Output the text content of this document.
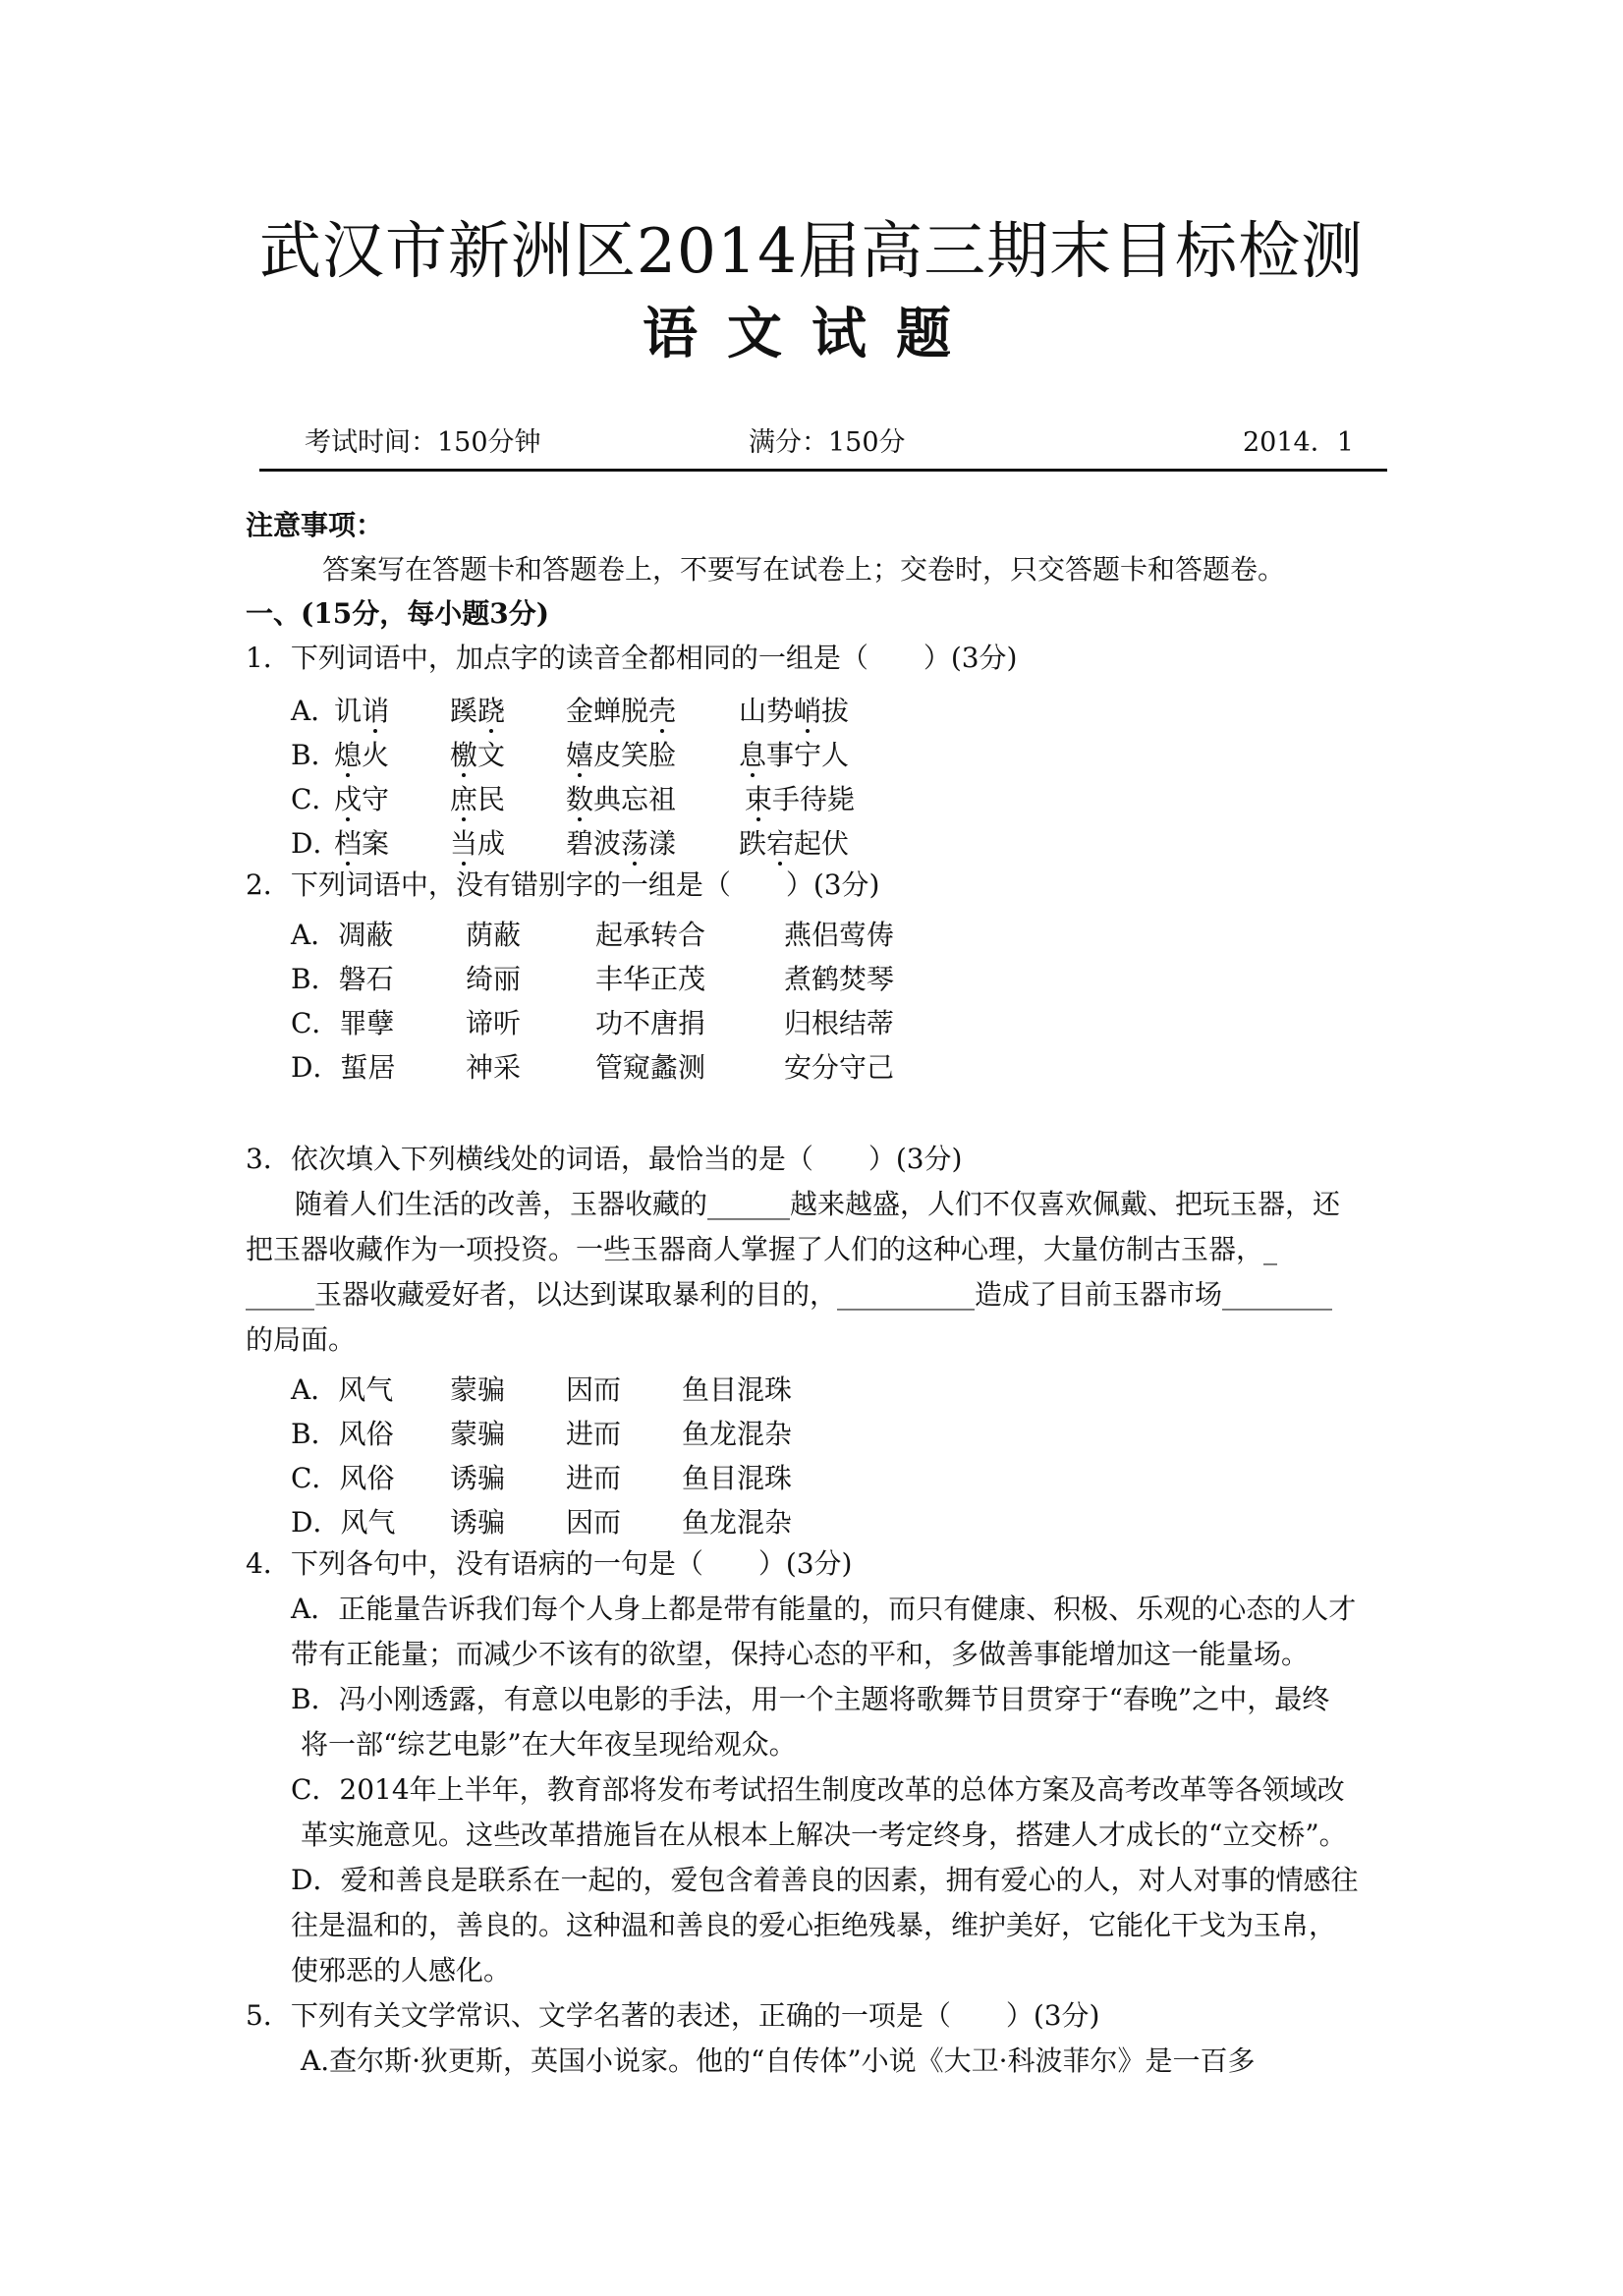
武汉市新洲区2014届高三期末目标检测
语文试题
考试时间：150分钟	满分：150分	2014．1
注意事项：
答案写在答题卡和答题卷上，不要写在试卷上；交卷时，只交答题卡和答题卷。
一、(15分，每小题3分)
1．下列词语中，加点字的读音全都相同的一组是（　　）(3分)
A．
讥诮 蹊跷 金蝉脱壳 山势峭拔
B．
熄火 檄文 嬉皮笑脸 息事宁人
C．
戍守 庶民 数典忘祖 束手待毙
D．
档案 当成 碧波荡漾 跌宕起伏
2．下列词语中，没有错别字的一组是（　　）(3分)
A．凋蔽	荫蔽	起承转合	燕侣莺俦
B．磐石	绮丽	丰华正茂	煮鹤焚琴
C．罪孽	谛听	功不唐捐	归根结蒂
D．蜇居	神采	管窥蠡测	安分守己
3．依次填入下列横线处的词语，最恰当的是（　　）(3分)
随着人们生活的改善，玉器收藏的______越来越盛，人们不仅喜欢佩戴、把玩玉器，还
把玉器收藏作为一项投资。一些玉器商人掌握了人们的这种心理，大量仿制古玉器，_
_____玉器收藏爱好者，以达到谋取暴利的目的，__________造成了目前玉器市场________
的局面。
A．风气 蒙骗 因而 鱼目混珠
B．风俗 蒙骗 进而 鱼龙混杂
C．风俗 诱骗 进而 鱼目混珠
D．风气 诱骗 因而 鱼龙混杂
4．下列各句中，没有语病的一句是（　　）(3分)
A．正能量告诉我们每个人身上都是带有能量的，而只有健康、积极、乐观的心态的人才
带有正能量；而减少不该有的欲望，保持心态的平和，多做善事能增加这一能量场。
B．冯小刚透露，有意以电影的手法，用一个主题将歌舞节目贯穿于“春晚”之中，最终
将一部“综艺电影”在大年夜呈现给观众。
C．2014年上半年，教育部将发布考试招生制度改革的总体方案及高考改革等各领域改
革实施意见。这些改革措施旨在从根本上解决一考定终身，搭建人才成长的“立交桥”。
D．爱和善良是联系在一起的，爱包含着善良的因素，拥有爱心的人，对人对事的情感往
往是温和的，善良的。这种温和善良的爱心拒绝残暴，维护美好，它能化干戈为玉帛，
使邪恶的人感化。
5．下列有关文学常识、文学名著的表述，正确的一项是（　　）(3分)
A.查尔斯·狄更斯，英国小说家。他的“自传体”小说《大卫·科波菲尔》是一百多
